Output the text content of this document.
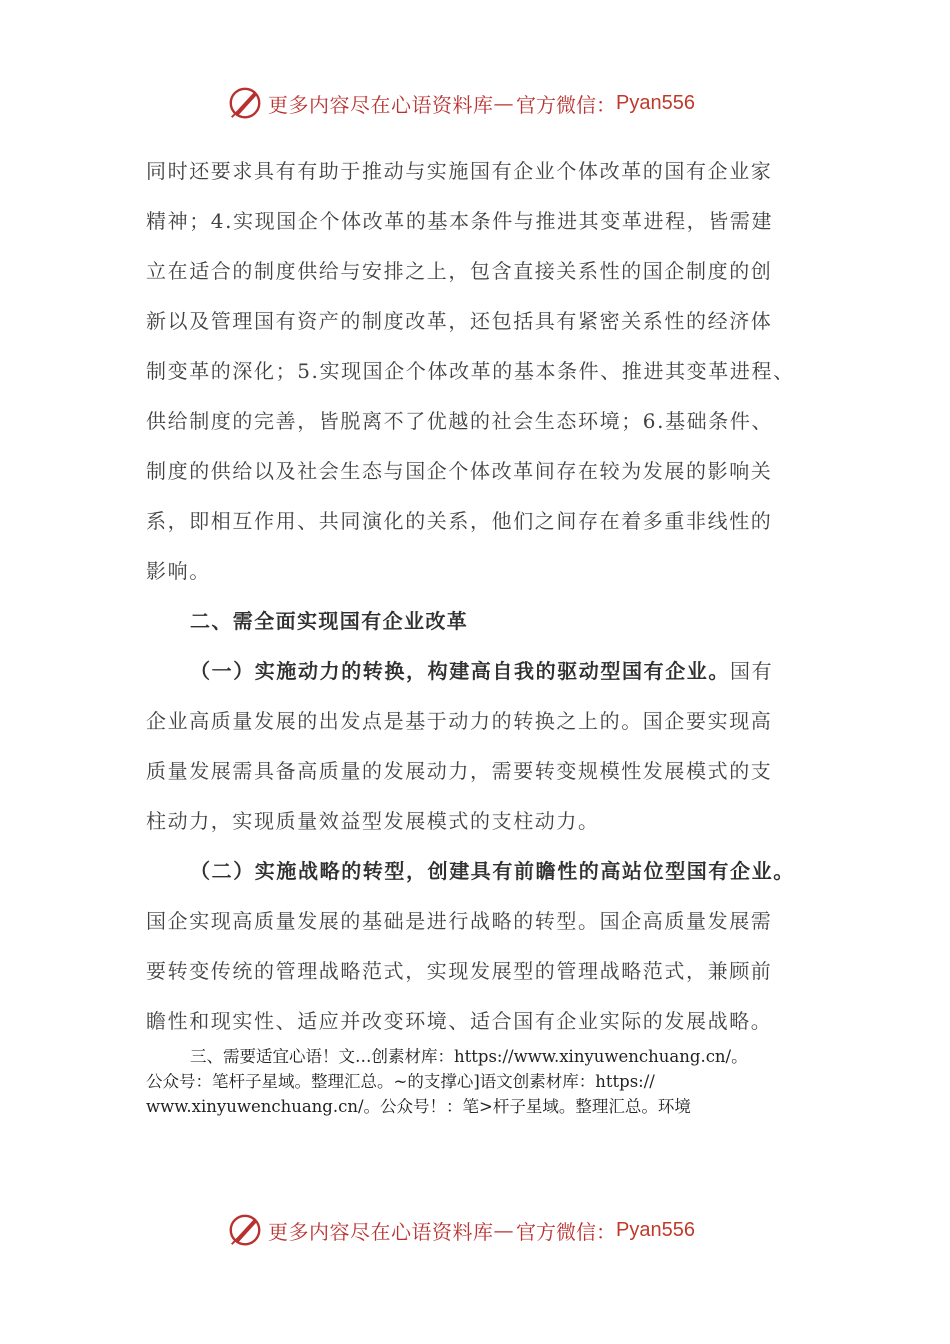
更多内容尽在心语资料库 — 官方微信： Pyan556
同时还要求具有有助于推动与实施国有企业个体改革的国有企业家
精神；4.实现国企个体改革的基本条件与推进其变革进程，皆需建
立在适合的制度供给与安排之上，包含直接关系性的国企制度的创
新以及管理国有资产的制度改革，还包括具有紧密关系性的经济体
制变革的深化；5.实现国企个体改革的基本条件、推进其变革进程、
供给制度的完善，皆脱离不了优越的社会生态环境；6.基础条件、
制度的供给以及社会生态与国企个体改革间存在较为发展的影响关
系，即相互作用、共同演化的关系，他们之间存在着多重非线性的
影响。
二、需全面实现国有企业改革
（一）实施动力的转换，构建高自我的驱动型国有企业。国有
企业高质量发展的出发点是基于动力的转换之上的。国企要实现高
质量发展需具备高质量的发展动力，需要转变规模性发展模式的支
柱动力，实现质量效益型发展模式的支柱动力。
（二）实施战略的转型，创建具有前瞻性的高站位型国有企业。
国企实现高质量发展的基础是进行战略的转型。国企高质量发展需
要转变传统的管理战略范式，实现发展型的管理战略范式，兼顾前
瞻性和现实性、适应并改变环境、适合国有企业实际的发展战略。
三、需要适宜心语！文…创素材库：https://www.xinyuwenchuang.cn/。
公众号：笔杆子星域。整理汇总。~的支撑心]语文创素材库：https://
www.xinyuwenchuang.cn/。公众号！：笔>杆子星域。整理汇总。环境
更多内容尽在心语资料库 — 官方微信： Pyan556
